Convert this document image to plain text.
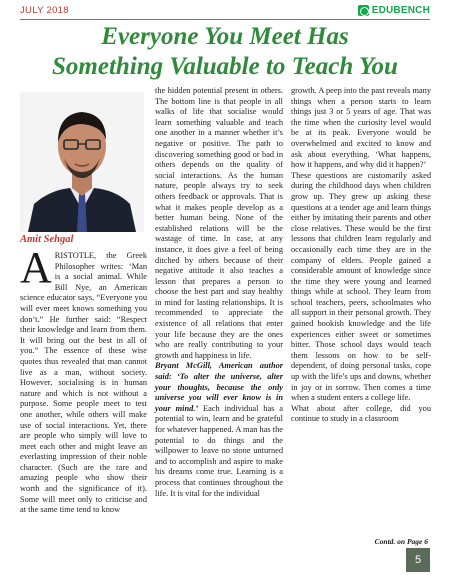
JULY 2018	EDUBENCH
Everyone You Meet Has
Something Valuable to Teach You
Amit Sehgal
ARISTOTLE, the Greek Philosopher writes: ‘Man is a social animal. While Bill Nye, an American science educator says, “Everyone you will ever meet knows something you don’t.” He further said: “Respect their knowledge and learn from them. It will bring out the best in all of you.” The essence of these wise quotes thus revealed that man cannot live as a man, without society. However, socialising is in human nature and which is not without a purpose. Some people meet to test one another, while others will make use of social interactions. Yet, there are people who simply will love to meet each other and might leave an everlasting impression of their noble character. (Such are the rare and amazing people who show their worth and the significance of it). Some will meet only to criticise and at the same time tend to know

the hidden potential present in others. The bottom line is that people in all walks of life that socialise would learn something valuable and teach one another in a manner whether it’s negative or positive. The path to discovering something good or bad in others depends on the quality of social interactions. As the human nature, people always try to seek others feedback or approvals. That is what it makes people develop as a better human being. None of the established relations will be the wastage of time. In case, at any instance, it does give a feel of being ditched by others because of their negative attitude it also teaches a lesson that prepares a person to choose the best part and stay healthy in mind for lasting relationships. It is recommended to appreciate the existence of all relations that enter your life because they are the ones who are really contributing to your growth and happiness in life.

Bryant McGill, American author said: ‘To alter the universe, alter your thoughts, because the only universe you will ever know is in your mind.’ Each individual has a potential to win, learn and be grateful for whatever happened. A man has the potential to do things and the willpower to leave no stone unturned and to accomplish and aspire to make his dreams come true. Learning is a process that continues throughout the life. It is vital for the individual

growth. A peep into the past reveals many things when a person starts to learn things just 3 or 5 years of age. That was the time when the curiosity level would be at its peak. Everyone would be overwhelmed and excited to know and ask about everything. ‘What happens, how it happens, and why did it happen?’

These questions are customarily asked during the childhood days when children grow up. They grew up asking these questions at a tender age and learn things either by imitating their parents and other close relatives. These would be the first lessons that children learn regularly and occasionally each time they are in the company of elders. People gained a considerable amount of knowledge since the time they were young and learned things while at school. They learn from school teachers, peers, schoolmates who all support in their personal growth. They gained bookish knowledge and the life experiences either sweet or sometimes bitter. Those school days would teach them lessons on how to be self-dependent, of doing personal tasks, cope up with the life’s ups and downs, whether in joy or in sorrow. Then comes a time when a student enters a college life.

What about after college, did you continue to study in a classroom

Contd. on Page 6
5
